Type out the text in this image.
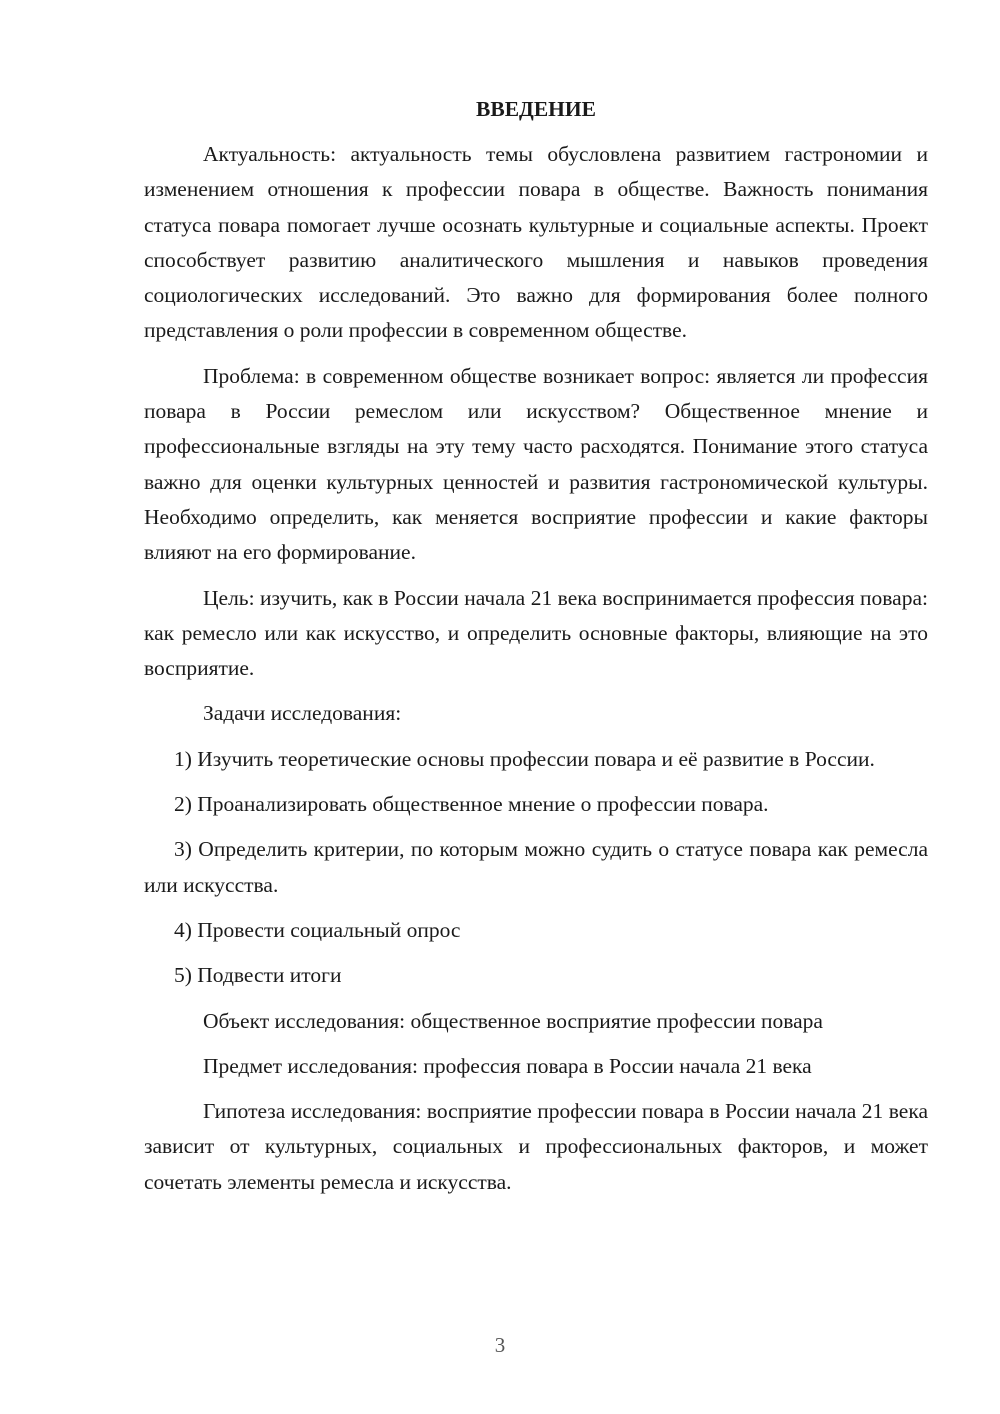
ВВЕДЕНИЕ

Актуальность: актуальность темы обусловлена развитием гастрономии и изменением отношения к профессии повара в обществе. Важность понимания статуса повара помогает лучше осознать культурные и социальные аспекты. Проект способствует развитию аналитического мышления и навыков проведения социологических исследований. Это важно для формирования более полного представления о роли профессии в современном обществе.

Проблема: в современном обществе возникает вопрос: является ли профессия повара в России ремеслом или искусством? Общественное мнение и профессиональные взгляды на эту тему часто расходятся. Понимание этого статуса важно для оценки культурных ценностей и развития гастрономической культуры. Необходимо определить, как меняется восприятие профессии и какие факторы влияют на его формирование.

Цель: изучить, как в России начала 21 века воспринимается профессия повара: как ремесло или как искусство, и определить основные факторы, влияющие на это восприятие.

Задачи исследования:

1) Изучить теоретические основы профессии повара и её развитие в России.

2) Проанализировать общественное мнение о профессии повара.

3) Определить критерии, по которым можно судить о статусе повара как ремесла или искусства.

4) Провести социальный опрос

5) Подвести итоги

Объект исследования: общественное восприятие профессии повара

Предмет исследования: профессия повара в России начала 21 века

Гипотеза исследования: восприятие профессии повара в России начала 21 века зависит от культурных, социальных и профессиональных факторов, и может сочетать элементы ремесла и искусства.

3
